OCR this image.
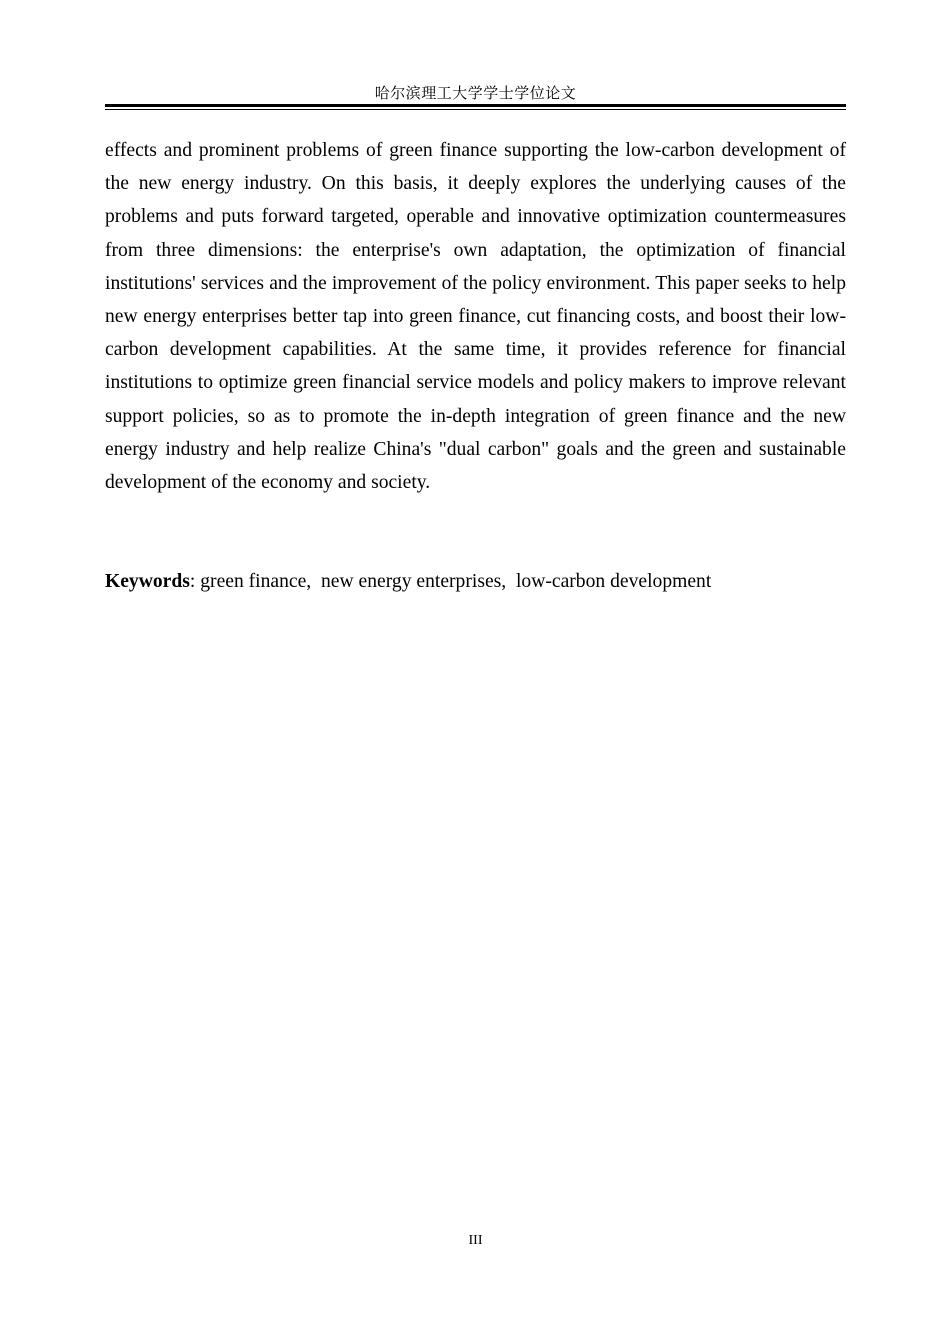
哈尔滨理工大学学士学位论文

effects and prominent problems of green finance supporting the low-carbon development of the new energy industry. On this basis, it deeply explores the underlying causes of the problems and puts forward targeted, operable and innovative optimization countermeasures from three dimensions: the enterprise's own adaptation, the optimization of financial institutions' services and the improvement of the policy environment. This paper seeks to help new energy enterprises better tap into green finance, cut financing costs, and boost their low-carbon development capabilities. At the same time, it provides reference for financial institutions to optimize green financial service models and policy makers to improve relevant support policies, so as to promote the in-depth integration of green finance and the new energy industry and help realize China's "dual carbon" goals and the green and sustainable development of the economy and society.

Keywords: green finance,  new energy enterprises,  low-carbon development

III
